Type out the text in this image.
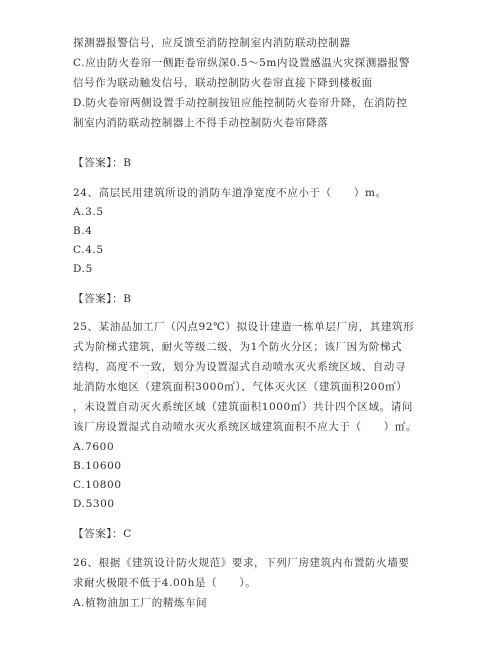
探测器报警信号，应反馈至消防控制室内消防联动控制器
C.应由防火卷帘一侧距卷帘纵深0.5～5m内设置感温火灾探测器报警
信号作为联动触发信号，联动控制防火卷帘直接下降到楼板面
D.防火卷帘两侧设置手动控制按钮应能控制防火卷帘升降，在消防控
制室内消防联动控制器上不得手动控制防火卷帘降落
【答案】：B
24、高层民用建筑所设的消防车道净宽度不应小于（　　）m。
A.3.5
B.4
C.4.5
D.5
【答案】：B
25、某油品加工厂（闪点92℃）拟设计建造一栋单层厂房，其建筑形
式为阶梯式建筑，耐火等级二级，为1个防火分区；该厂因为阶梯式
结构，高度不一致，划分为设置湿式自动喷水灭火系统区域、自动寻
址消防水炮区（建筑面积3000㎡）、气体灭火区（建筑面积200㎡）
，未设置自动灭火系统区域（建筑面积1000㎡）共计四个区域。请问
该厂房设置湿式自动喷水灭火系统区域建筑面积不应大于（　　）㎡。
A.7600
B.10600
C.10800
D.5300
【答案】：C
26、根据《建筑设计防火规范》要求，下列厂房建筑内布置防火墙要
求耐火极限不低于4.00h是（　　）。
A.植物油加工厂的精炼车间
